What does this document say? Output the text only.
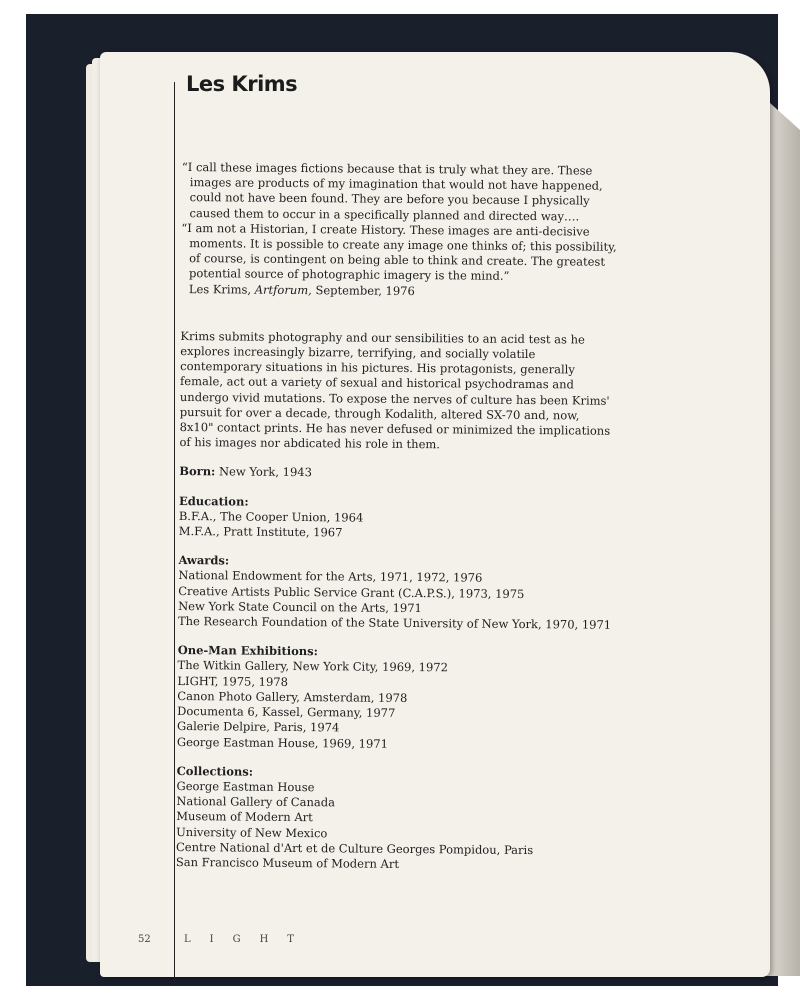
Les Krims

“I call these images fictions because that is truly what they are. These images are products of my imagination that would not have happened, could not have been found. They are before you because I physically caused them to occur in a specifically planned and directed way….

“I am not a Historian, I create History. These images are anti-decisive moments. It is possible to create any image one thinks of; this possibility, of course, is contingent on being able to think and create. The greatest potential source of photographic imagery is the mind.”

Les Krims, Artforum, September, 1976

Krims submits photography and our sensibilities to an acid test as he explores increasingly bizarre, terrifying, and socially volatile contemporary situations in his pictures. His protagonists, generally female, act out a variety of sexual and historical psychodramas and undergo vivid mutations. To expose the nerves of culture has been Krims' pursuit for over a decade, through Kodalith, altered SX-70 and, now, 8x10" contact prints. He has never defused or minimized the implications of his images nor abdicated his role in them.

Born: New York, 1943
Education:
B.F.A., The Cooper Union, 1964
M.F.A., Pratt Institute, 1967
Awards:
National Endowment for the Arts, 1971, 1972, 1976
Creative Artists Public Service Grant (C.A.P.S.), 1973, 1975
New York State Council on the Arts, 1971
The Research Foundation of the State University of New York, 1970, 1971
One-Man Exhibitions:
The Witkin Gallery, New York City, 1969, 1972
LIGHT, 1975, 1978
Canon Photo Gallery, Amsterdam, 1978
Documenta 6, Kassel, Germany, 1977
Galerie Delpire, Paris, 1974
George Eastman House, 1969, 1971
Collections:
George Eastman House
National Gallery of Canada
Museum of Modern Art
University of New Mexico
Centre National d'Art et de Culture Georges Pompidou, Paris
San Francisco Museum of Modern Art
52	LIGHT
